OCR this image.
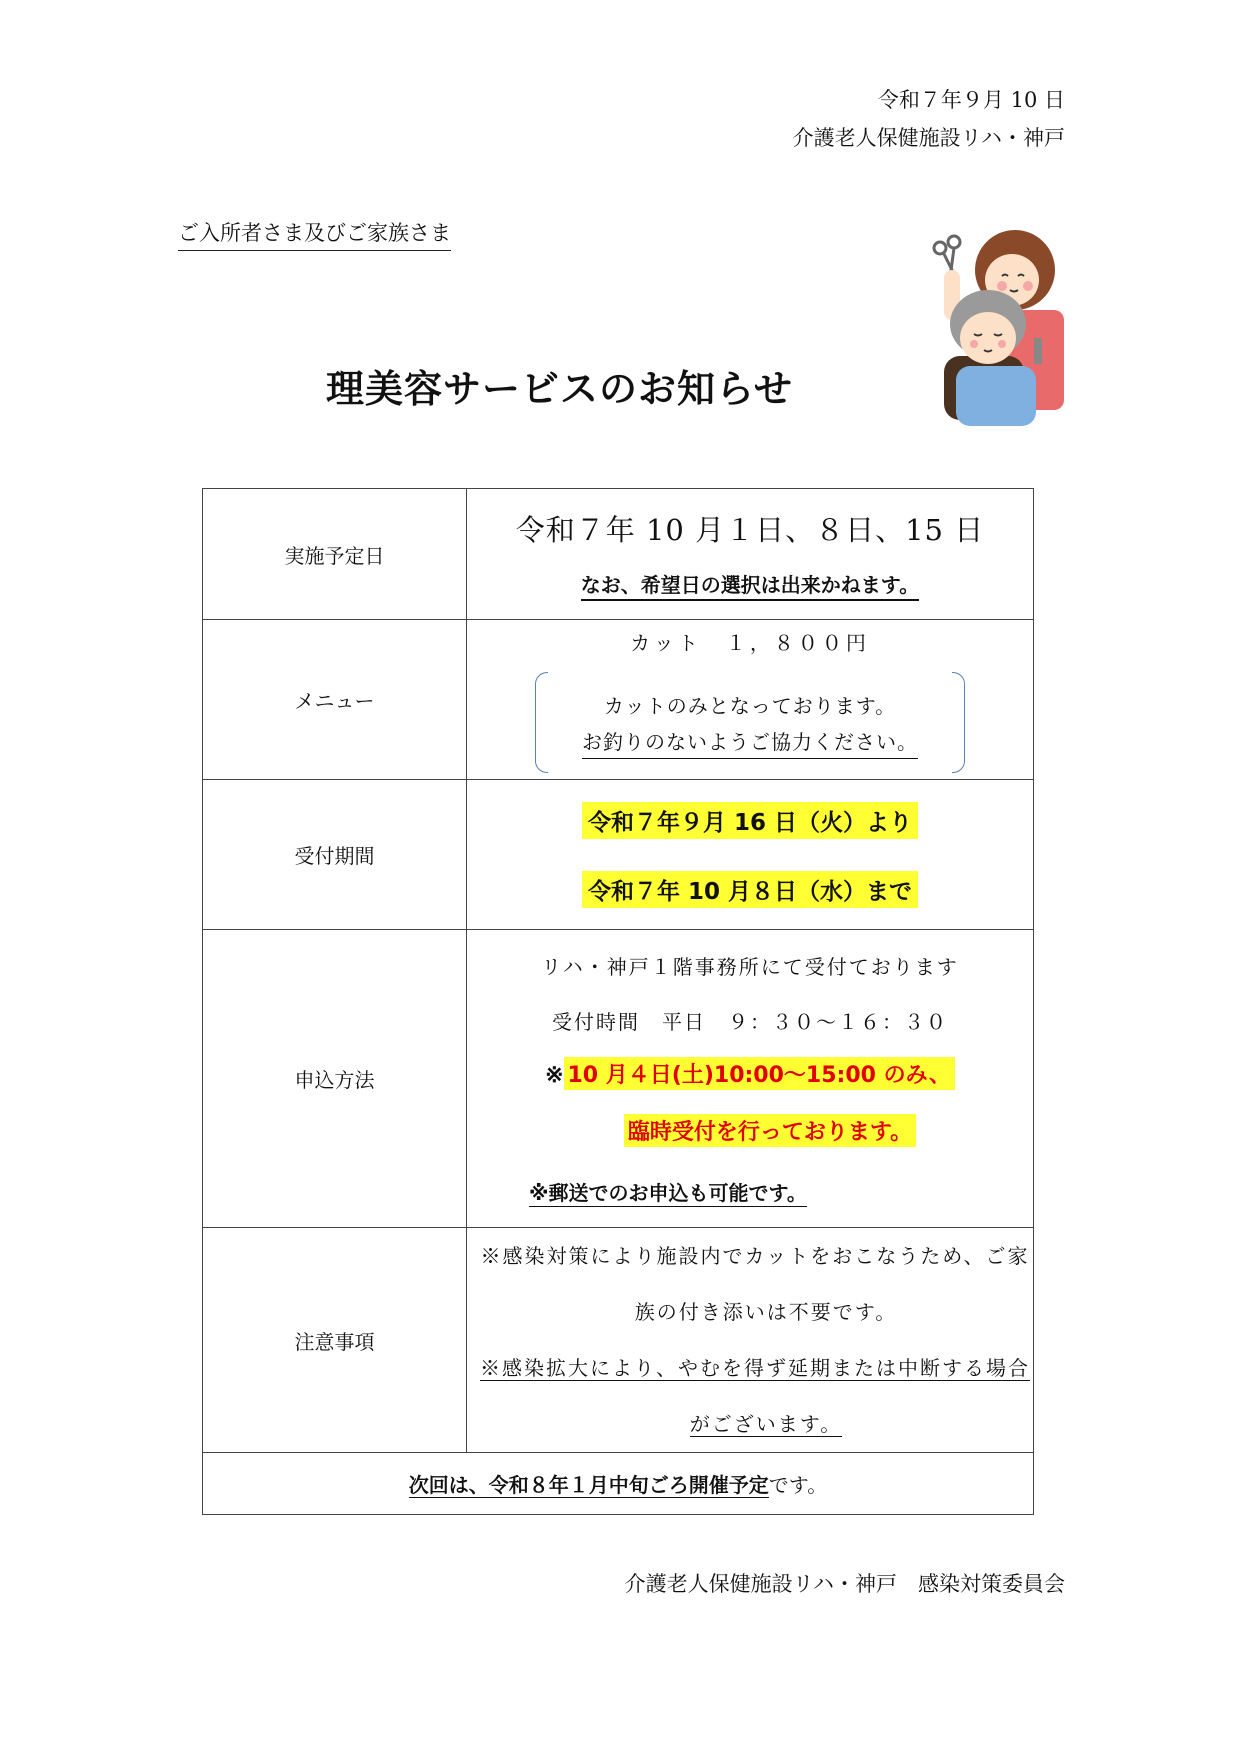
令和７年９月 10 日
介護老人保健施設リハ・神戸
ご入所者さま及びご家族さま
理美容サービスのお知らせ
実施予定日	令和７年 10 月１日、８日、15 日
なお、希望日の選択は出来かねます。
メニュー	カット　１，８００円
カットのみとなっております。
お釣りのないようご協力ください。

受付期間	令和７年９月 16 日（火）より
令和７年 10 月８日（水）まで
申込方法	リハ・神戸１階事務所にて受付ております

受付時間　平日　９：３０～１６：３０

※ 10 月４日(土)10:00～15:00 のみ、
臨時受付を行っております。
※郵送でのお申込も可能です。

注意事項	※感染対策により施設内でカットをおこなうため、ご家
族の付き添いは不要です。
※感染拡大により、やむを得ず延期または中断する場合
がございます。

次回は、令和８年１月中旬ごろ開催予定です。	
介護老人保健施設リハ・神戸　感染対策委員会
